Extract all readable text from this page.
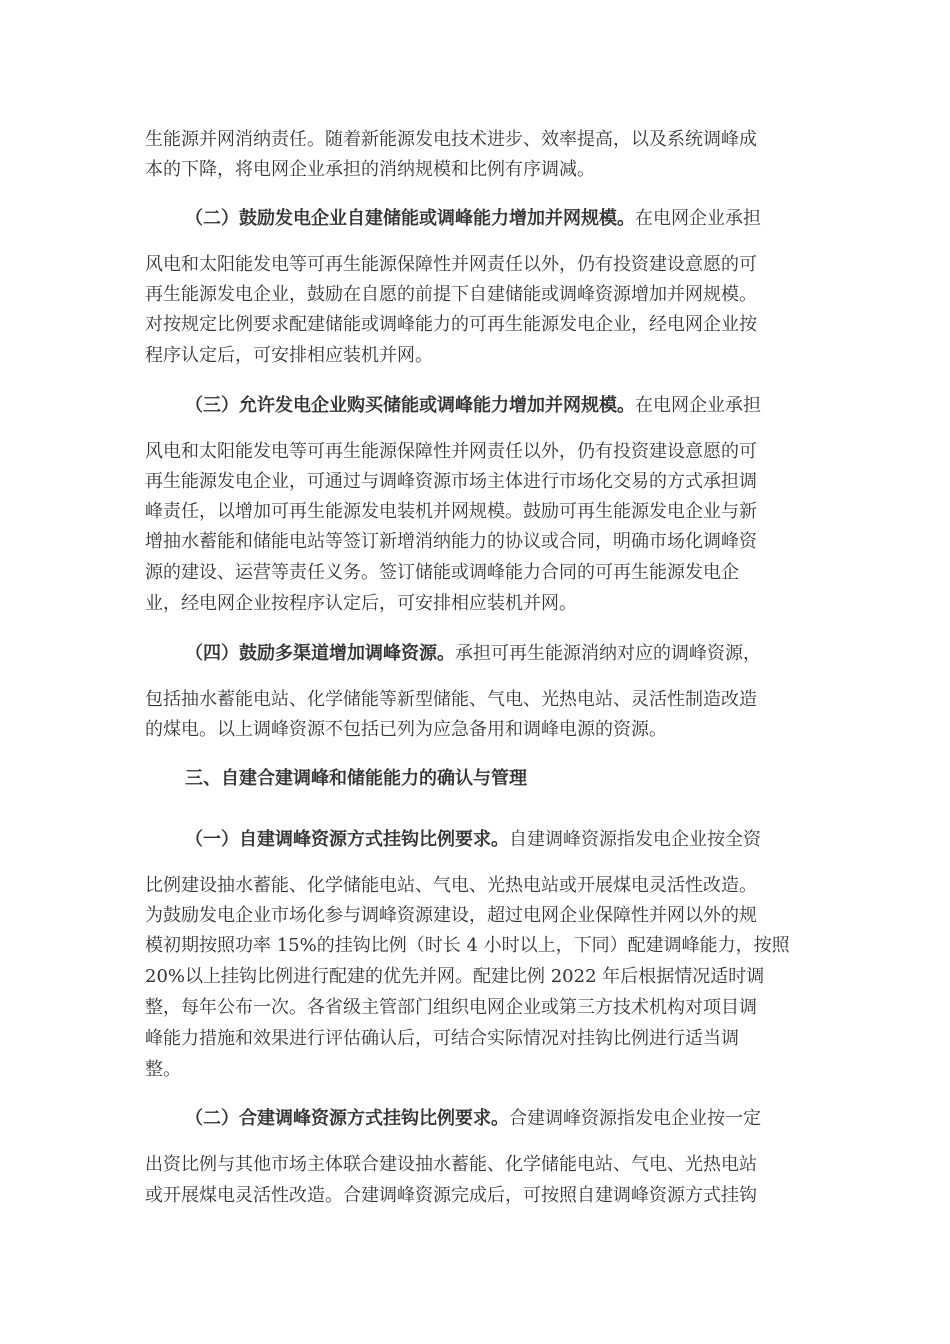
生能源并网消纳责任。随着新能源发电技术进步、效率提高，以及系统调峰成
本的下降，将电网企业承担的消纳规模和比例有序调减。
（二）鼓励发电企业自建储能或调峰能力增加并网规模。在电网企业承担
风电和太阳能发电等可再生能源保障性并网责任以外，仍有投资建设意愿的可
再生能源发电企业，鼓励在自愿的前提下自建储能或调峰资源增加并网规模。
对按规定比例要求配建储能或调峰能力的可再生能源发电企业，经电网企业按
程序认定后，可安排相应装机并网。
（三）允许发电企业购买储能或调峰能力增加并网规模。在电网企业承担
风电和太阳能发电等可再生能源保障性并网责任以外，仍有投资建设意愿的可
再生能源发电企业，可通过与调峰资源市场主体进行市场化交易的方式承担调
峰责任，以增加可再生能源发电装机并网规模。鼓励可再生能源发电企业与新
增抽水蓄能和储能电站等签订新增消纳能力的协议或合同，明确市场化调峰资
源的建设、运营等责任义务。签订储能或调峰能力合同的可再生能源发电企
业，经电网企业按程序认定后，可安排相应装机并网。
（四）鼓励多渠道增加调峰资源。承担可再生能源消纳对应的调峰资源，
包括抽水蓄能电站、化学储能等新型储能、气电、光热电站、灵活性制造改造
的煤电。以上调峰资源不包括已列为应急备用和调峰电源的资源。
三、自建合建调峰和储能能力的确认与管理
（一）自建调峰资源方式挂钩比例要求。自建调峰资源指发电企业按全资
比例建设抽水蓄能、化学储能电站、气电、光热电站或开展煤电灵活性改造。
为鼓励发电企业市场化参与调峰资源建设，超过电网企业保障性并网以外的规
模初期按照功率 15%的挂钩比例（时长 4 小时以上，下同）配建调峰能力，按照
20%以上挂钩比例进行配建的优先并网。配建比例 2022 年后根据情况适时调
整，每年公布一次。各省级主管部门组织电网企业或第三方技术机构对项目调
峰能力措施和效果进行评估确认后，可结合实际情况对挂钩比例进行适当调
整。
（二）合建调峰资源方式挂钩比例要求。合建调峰资源指发电企业按一定
出资比例与其他市场主体联合建设抽水蓄能、化学储能电站、气电、光热电站
或开展煤电灵活性改造。合建调峰资源完成后，可按照自建调峰资源方式挂钩
